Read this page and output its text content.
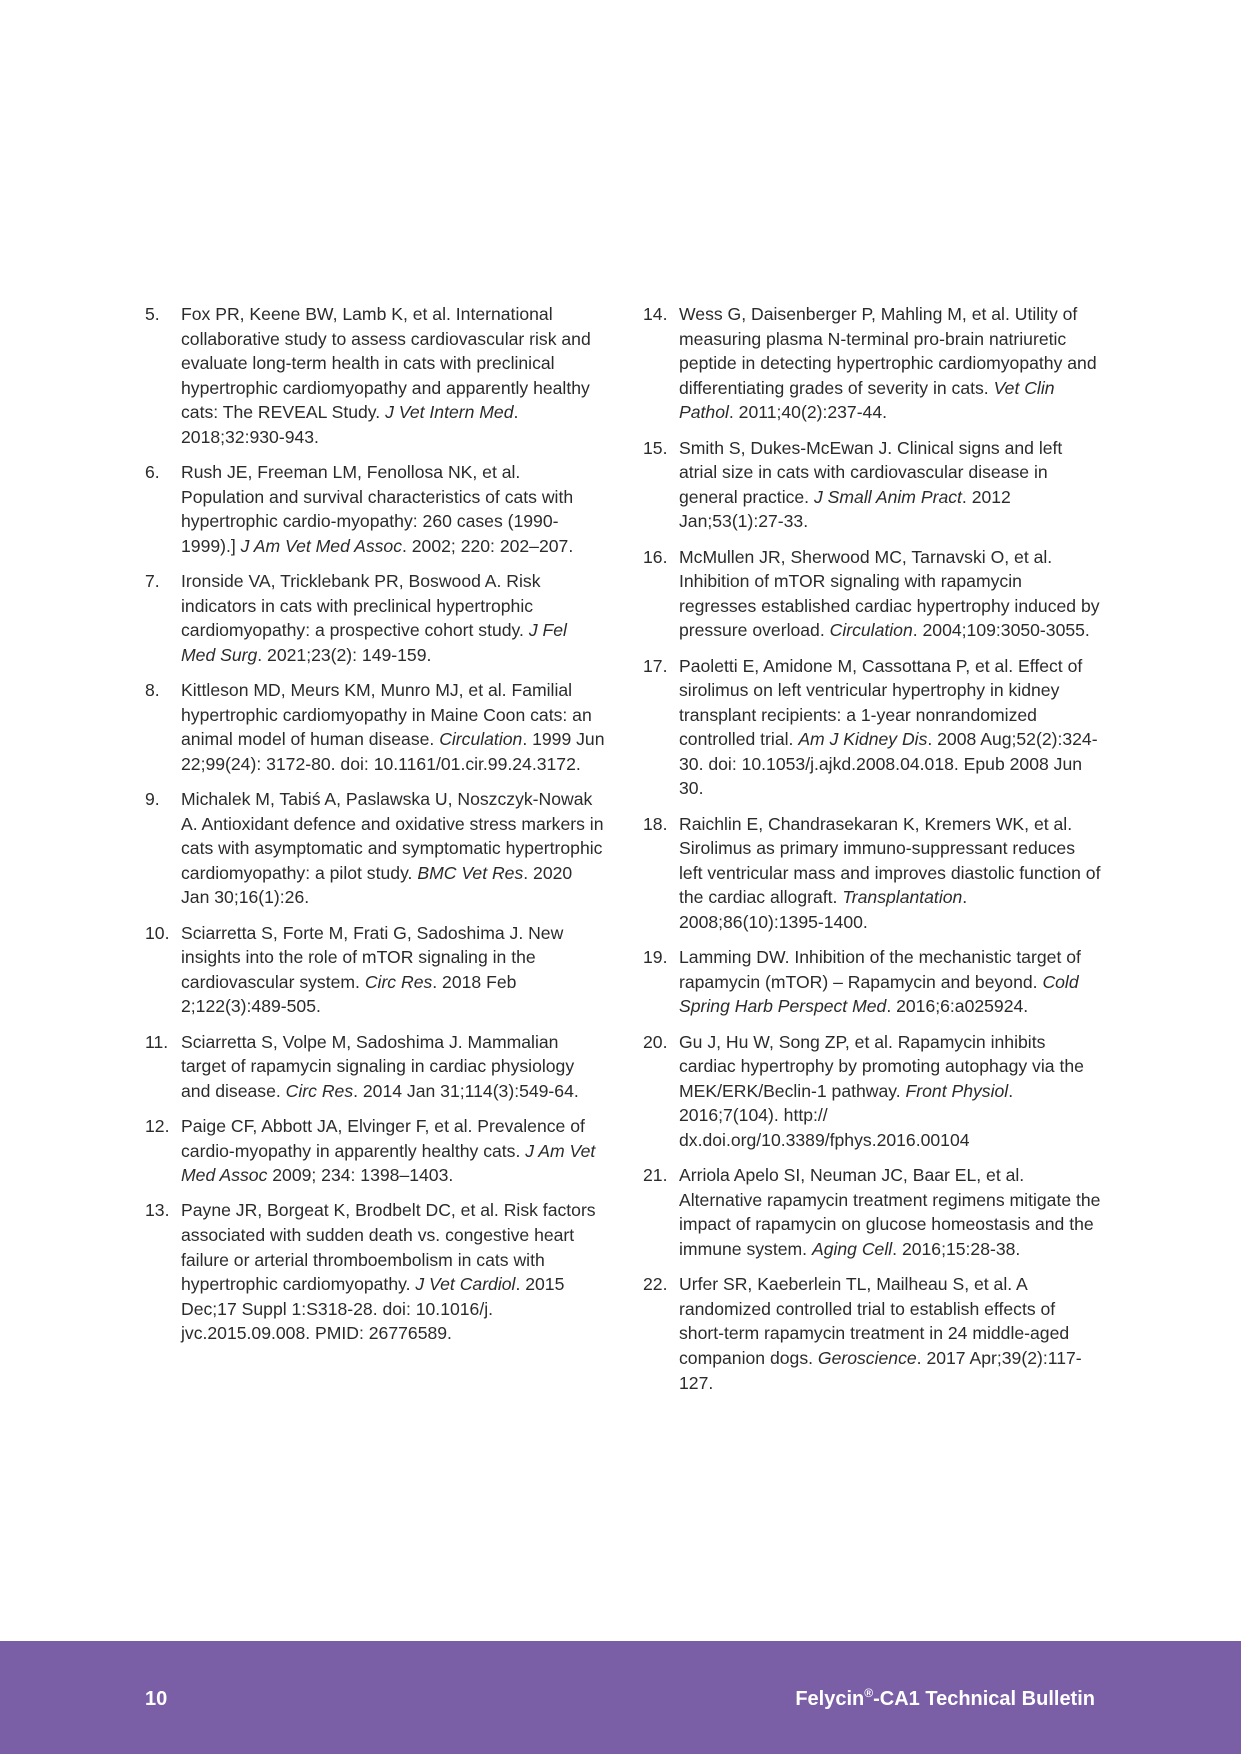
5. Fox PR, Keene BW, Lamb K, et al. International collaborative study to assess cardiovascular risk and evaluate long-term health in cats with preclinical hypertrophic cardiomyopathy and apparently healthy cats: The REVEAL Study. J Vet Intern Med. 2018;32:930-943.
6. Rush JE, Freeman LM, Fenollosa NK, et al. Population and survival characteristics of cats with hypertrophic cardio-myopathy: 260 cases (1990-1999).] J Am Vet Med Assoc. 2002; 220: 202–207.
7. Ironside VA, Tricklebank PR, Boswood A. Risk indicators in cats with preclinical hypertrophic cardiomyopathy: a prospective cohort study. J Fel Med Surg. 2021;23(2): 149-159.
8. Kittleson MD, Meurs KM, Munro MJ, et al. Familial hypertrophic cardiomyopathy in Maine Coon cats: an animal model of human disease. Circulation. 1999 Jun 22;99(24): 3172-80. doi: 10.1161/01.cir.99.24.3172.
9. Michalek M, Tabiś A, Paslawska U, Noszczyk-Nowak A. Antioxidant defence and oxidative stress markers in cats with asymptomatic and symptomatic hypertrophic cardiomyopathy: a pilot study. BMC Vet Res. 2020 Jan 30;16(1):26.
10. Sciarretta S, Forte M, Frati G, Sadoshima J. New insights into the role of mTOR signaling in the cardiovascular system. Circ Res. 2018 Feb 2;122(3):489-505.
11. Sciarretta S, Volpe M, Sadoshima J. Mammalian target of rapamycin signaling in cardiac physiology and disease. Circ Res. 2014 Jan 31;114(3):549-64.
12. Paige CF, Abbott JA, Elvinger F, et al. Prevalence of cardio-myopathy in apparently healthy cats. J Am Vet Med Assoc 2009; 234: 1398–1403.
13. Payne JR, Borgeat K, Brodbelt DC, et al. Risk factors associated with sudden death vs. congestive heart failure or arterial thromboembolism in cats with hypertrophic cardiomyopathy. J Vet Cardiol. 2015 Dec;17 Suppl 1:S318-28. doi: 10.1016/j. jvc.2015.09.008. PMID: 26776589.
14. Wess G, Daisenberger P, Mahling M, et al. Utility of measuring plasma N-terminal pro-brain natriuretic peptide in detecting hypertrophic cardiomyopathy and differentiating grades of severity in cats. Vet Clin Pathol. 2011;40(2):237-44.
15. Smith S, Dukes-McEwan J. Clinical signs and left atrial size in cats with cardiovascular disease in general practice. J Small Anim Pract. 2012 Jan;53(1):27-33.
16. McMullen JR, Sherwood MC, Tarnavski O, et al. Inhibition of mTOR signaling with rapamycin regresses established cardiac hypertrophy induced by pressure overload. Circulation. 2004;109:3050-3055.
17. Paoletti E, Amidone M, Cassottana P, et al. Effect of sirolimus on left ventricular hypertrophy in kidney transplant recipients: a 1-year nonrandomized controlled trial. Am J Kidney Dis. 2008 Aug;52(2):324-30. doi: 10.1053/j.ajkd.2008.04.018. Epub 2008 Jun 30.
18. Raichlin E, Chandrasekaran K, Kremers WK, et al. Sirolimus as primary immuno-suppressant reduces left ventricular mass and improves diastolic function of the cardiac allograft. Transplantation. 2008;86(10):1395-1400.
19. Lamming DW. Inhibition of the mechanistic target of rapamycin (mTOR) – Rapamycin and beyond. Cold Spring Harb Perspect Med. 2016;6:a025924.
20. Gu J, Hu W, Song ZP, et al. Rapamycin inhibits cardiac hypertrophy by promoting autophagy via the MEK/ERK/Beclin-1 pathway. Front Physiol. 2016;7(104). http:// dx.doi.org/10.3389/fphys.2016.00104
21. Arriola Apelo SI, Neuman JC, Baar EL, et al. Alternative rapamycin treatment regimens mitigate the impact of rapamycin on glucose homeostasis and the immune system. Aging Cell. 2016;15:28-38.
22. Urfer SR, Kaeberlein TL, Mailheau S, et al. A randomized controlled trial to establish effects of short-term rapamycin treatment in 24 middle-aged companion dogs. Geroscience. 2017 Apr;39(2):117-127.
10	Felycin®-CA1 Technical Bulletin
